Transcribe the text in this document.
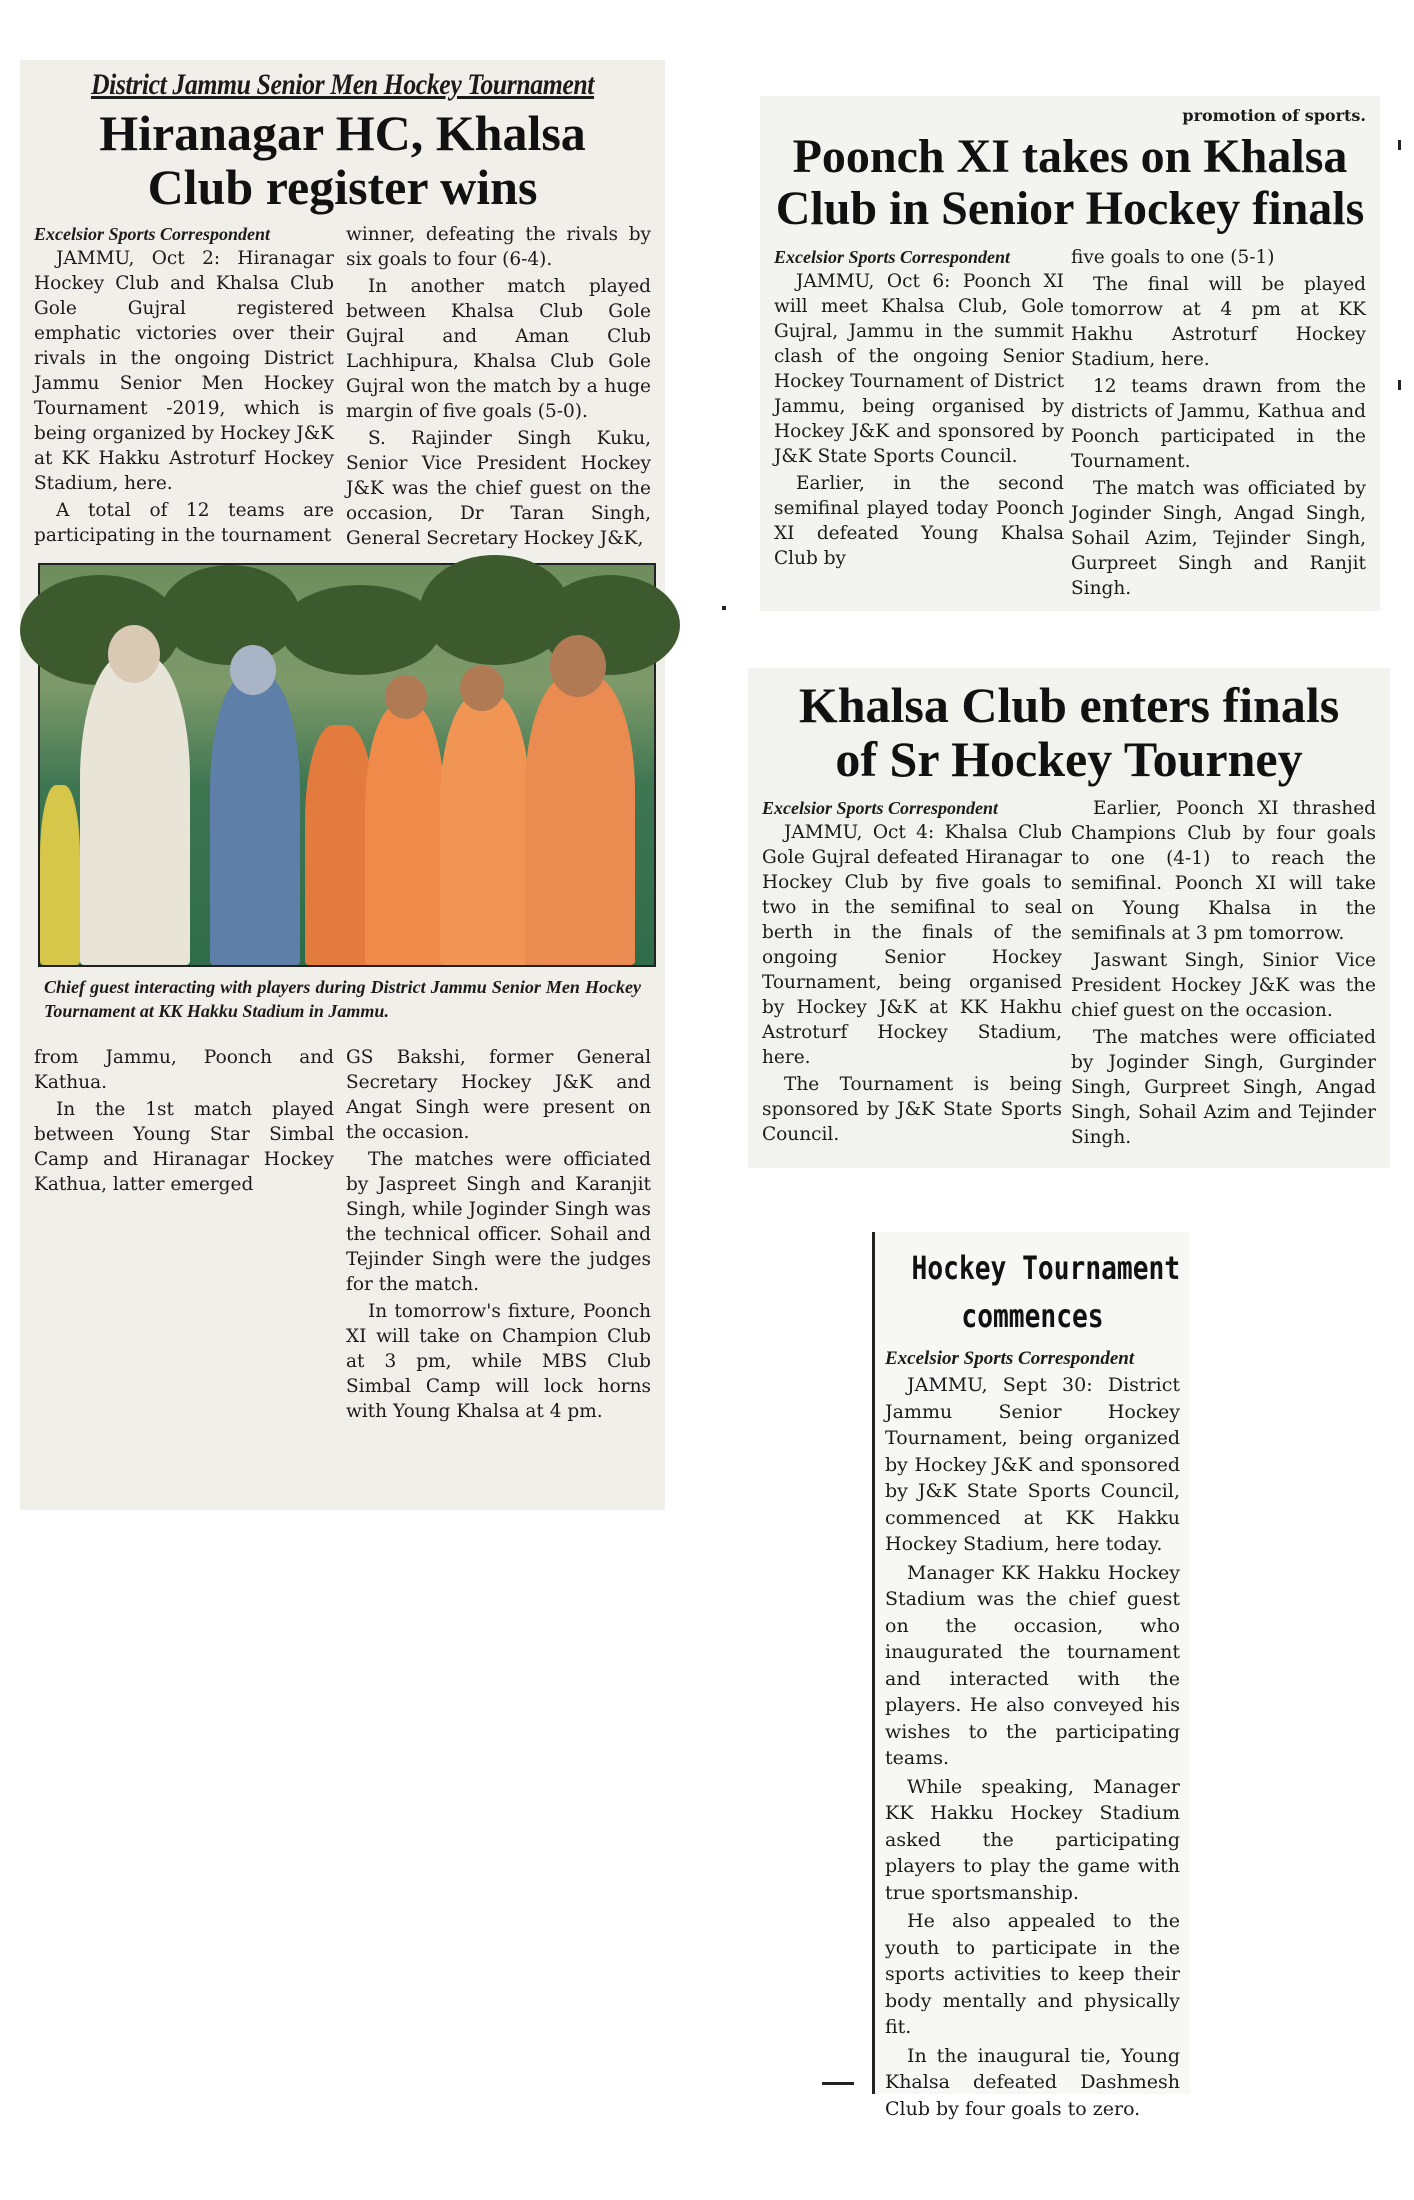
District Jammu Senior Men Hockey Tournament
Hiranagar HC, Khalsa
Club register wins
Excelsior Sports Correspondent

JAMMU, Oct 2: Hiranagar Hockey Club and Khalsa Club Gole Gujral registered emphatic victories over their rivals in the ongoing District Jammu Senior Men Hockey Tournament -2019, which is being organized by Hockey J&K at KK Hakku Astroturf Hockey Stadium, here.

A total of 12 teams are participating in the tournament

winner, defeating the rivals by six goals to four (6-4).

In another match played between Khalsa Club Gole Gujral and Aman Club Lachhipura, Khalsa Club Gole Gujral won the match by a huge margin of five goals (5-0).

S. Rajinder Singh Kuku, Senior Vice President Hockey J&K was the chief guest on the occasion, Dr Taran Singh, General Secretary Hockey J&K,

Chief guest interacting with players during District Jammu Senior Men Hockey Tournament at KK Hakku Stadium in Jammu.

from Jammu, Poonch and Kathua.

In the 1st match played between Young Star Simbal Camp and Hiranagar Hockey Kathua, latter emerged

GS Bakshi, former General Secretary Hockey J&K and Angat Singh were present on the occasion.

The matches were officiated by Jaspreet Singh and Karanjit Singh, while Joginder Singh was the technical officer. Sohail and Tejinder Singh were the judges for the match.

In tomorrow's fixture, Poonch XI will take on Champion Club at 3 pm, while MBS Club Simbal Camp will lock horns with Young Khalsa at 4 pm.

promotion of sports.
Poonch XI takes on Khalsa
Club in Senior Hockey finals
Excelsior Sports Correspondent

JAMMU, Oct 6: Poonch XI will meet Khalsa Club, Gole Gujral, Jammu in the summit clash of the ongoing Senior Hockey Tournament of District Jammu, being organised by Hockey J&K and sponsored by J&K State Sports Council.

Earlier, in the second semifinal played today Poonch XI defeated Young Khalsa Club by

five goals to one (5-1)

The final will be played tomorrow at 4 pm at KK Hakhu Astroturf Hockey Stadium, here.

12 teams drawn from the districts of Jammu, Kathua and Poonch participated in the Tournament.

The match was officiated by Joginder Singh, Angad Singh, Sohail Azim, Tejinder Singh, Gurpreet Singh and Ranjit Singh.

Khalsa Club enters finals
of Sr Hockey Tourney
Excelsior Sports Correspondent

JAMMU, Oct 4: Khalsa Club Gole Gujral defeated Hiranagar Hockey Club by five goals to two in the semifinal to seal berth in the finals of the ongoing Senior Hockey Tournament, being organised by Hockey J&K at KK Hakhu Astroturf Hockey Stadium, here.

The Tournament is being sponsored by J&K State Sports Council.

Earlier, Poonch XI thrashed Champions Club by four goals to one (4-1) to reach the semifinal. Poonch XI will take on Young Khalsa in the semifinals at 3 pm tomorrow.

Jaswant Singh, Sinior Vice President Hockey J&K was the chief guest on the occasion.

The matches were officiated by Joginder Singh, Gurginder Singh, Gurpreet Singh, Angad Singh, Sohail Azim and Tejinder Singh.

Hockey Tournament
commences
Excelsior Sports Correspondent

JAMMU, Sept 30: District Jammu Senior Hockey Tournament, being organized by Hockey J&K and sponsored by J&K State Sports Council, commenced at KK Hakku Hockey Stadium, here today.

Manager KK Hakku Hockey Stadium was the chief guest on the occasion, who inaugurated the tournament and interacted with the players. He also conveyed his wishes to the participating teams.

While speaking, Manager KK Hakku Hockey Stadium asked the participating players to play the game with true sportsmanship.

He also appealed to the youth to participate in the sports activities to keep their body mentally and physically fit.

In the inaugural tie, Young Khalsa defeated Dashmesh Club by four goals to zero.
